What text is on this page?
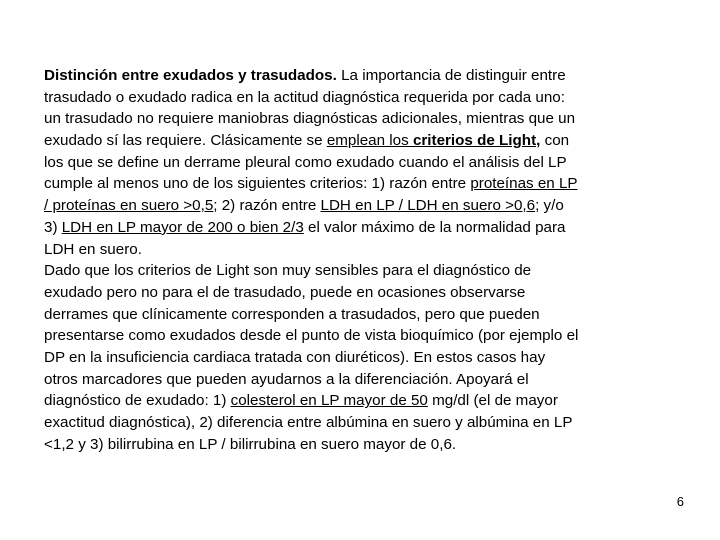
Distinción entre exudados y trasudados. La importancia de distinguir entre
trasudado o exudado radica en la actitud diagnóstica requerida por cada uno:
un trasudado no requiere maniobras diagnósticas adicionales, mientras que un
exudado sí las requiere. Clásicamente se emplean los criterios de Light, con
los que se define un derrame pleural como exudado cuando el análisis del LP
cumple al menos uno de los siguientes criterios: 1) razón entre proteínas en LP
/ proteínas en suero >0,5; 2) razón entre LDH en LP / LDH en suero >0,6; y/o
3) LDH en LP mayor de 200 o bien 2/3 el valor máximo de la normalidad para
LDH en suero.
Dado que los criterios de Light son muy sensibles para el diagnóstico de
exudado pero no para el de trasudado, puede en ocasiones observarse
derrames que clínicamente corresponden a trasudados, pero que pueden
presentarse como exudados desde el punto de vista bioquímico (por ejemplo el
DP en la insuficiencia cardiaca tratada con diuréticos). En estos casos hay
otros marcadores que pueden ayudarnos a la diferenciación. Apoyará el
diagnóstico de exudado: 1) colesterol en LP mayor de 50 mg/dl (el de mayor
exactitud diagnóstica), 2) diferencia entre albúmina en suero y albúmina en LP
<1,2 y 3) bilirrubina en LP / bilirrubina en suero mayor de 0,6.
6
